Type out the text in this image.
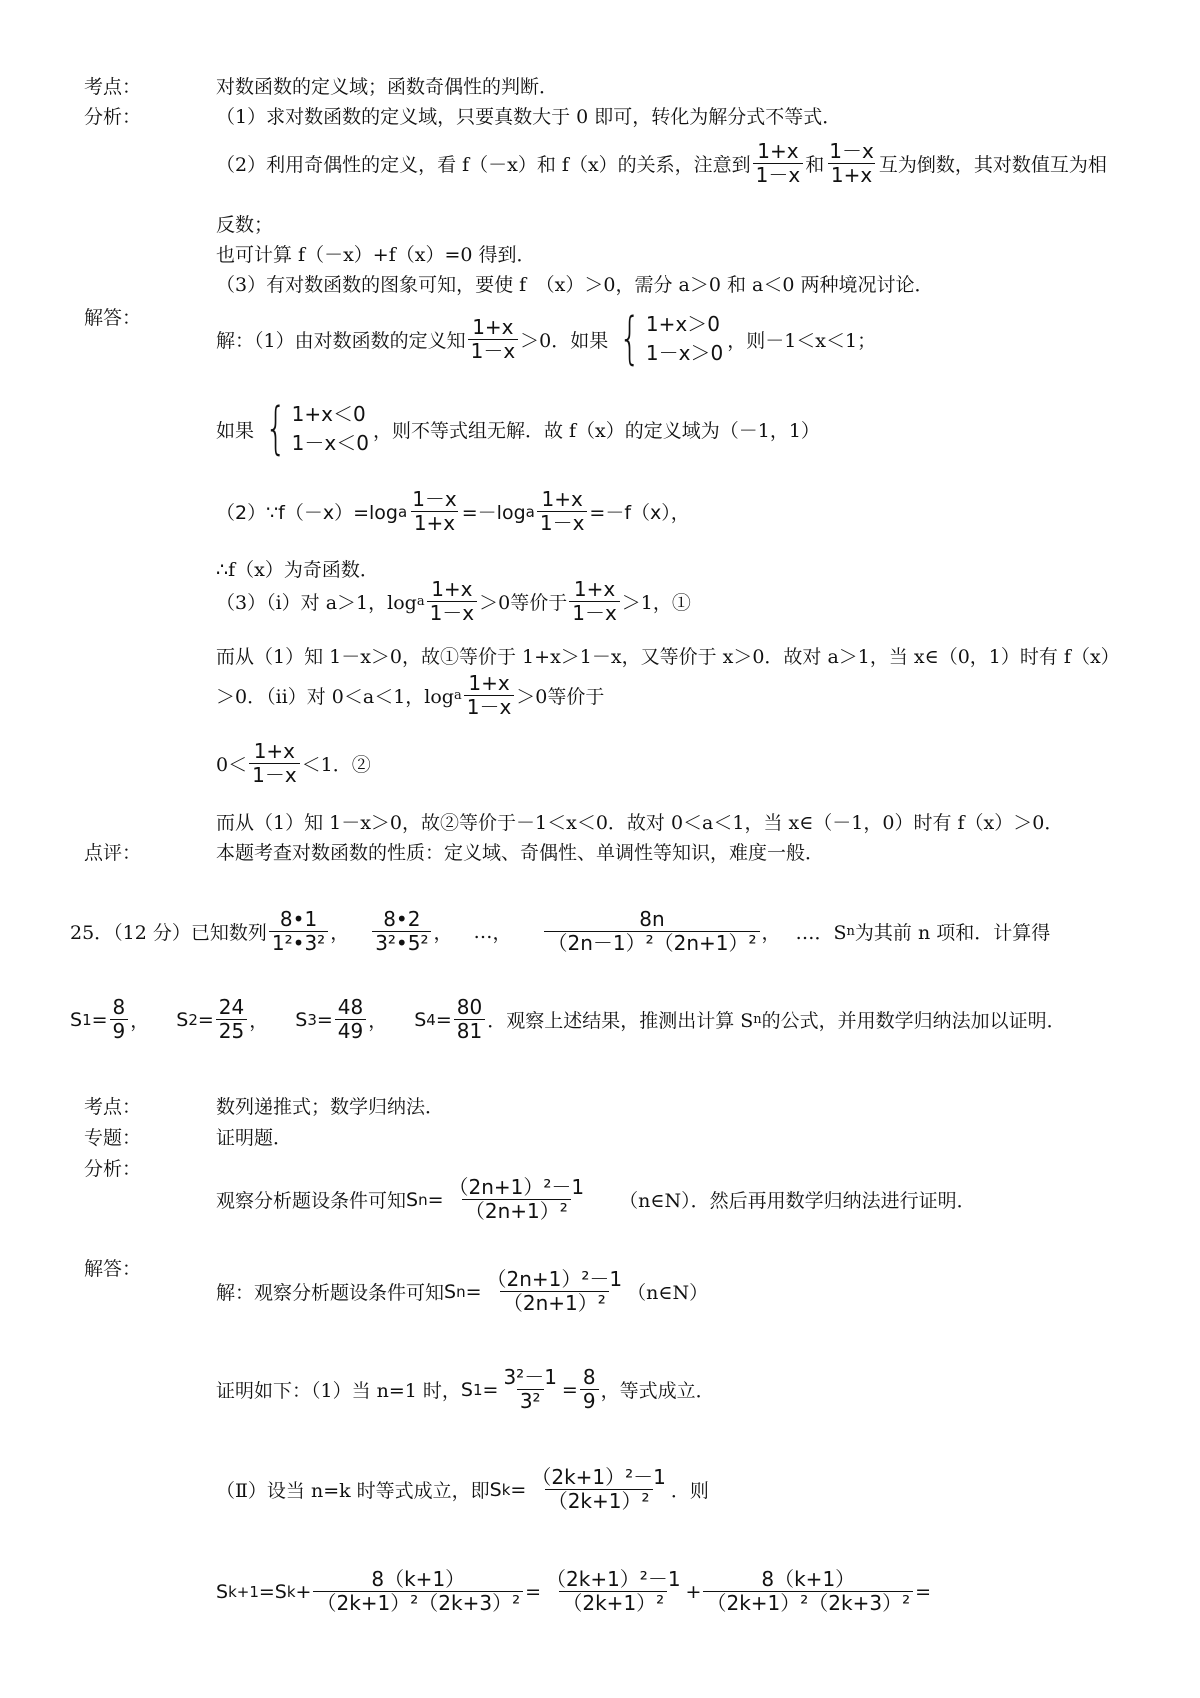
考点：	对数函数的定义域；函数奇偶性的判断．
分析：	（1）求对数函数的定义域，只要真数大于 0 即可，转化为解分式不等式．
（2）利用奇偶性的定义，看 f（－x）和 f（x）的关系，注意到 $\frac{1+x}{1-x}$ 和 $\frac{1-x}{1+x}$ 互为倒数，其对数值互为相
反数；
也可计算 f（－x）+f（x）=0 得到．
（3）有对数函数的图象可知，要使 f　（x）＞0，需分 a＞0 和 a＜0 两种境况讨论．
解答：
解：（1）由对数函数的定义知 $\frac{1+x}{1-x} >0$．如果 { 1+x＞0
1－x＞0
，则－1＜x＜1；
如果 { 1+x＜0
1－x＜0
，则不等式组无解．故 f（x）的定义域为（－1，1）
（2）∵f（－x）=log a $\frac{1-x}{1+x} =-\log$ a $\frac{1+x}{1-x} =-f(x)$，
∴f（x）为奇函数．
（3）（ⅰ）对 a＞1，log a $\frac{1+x}{1-x} >0$等价于 $\frac{1+x}{1-x} >1$，①
而从（1）知 1－x＞0，故①等价于 1+x＞1－x，又等价于 x＞0．故对 a＞1，当 x∈（0，1）时有 f（x）
＞0．（ⅱ）对 0＜a＜1，log a $\frac{1+x}{1-x} >0$等价于
$0< \frac{1+x}{1-x} <1$．②
而从（1）知 1－x＞0，故②等价于－1＜x＜0．故对 0＜a＜1，当 x∈（－1，0）时有 f（x）＞0．
点评：	本题考查对数函数的性质：定义域、奇偶性、单调性等知识，难度一般．
25．（12 分）已知数列 $\frac{8•1}{\text{1²•3²}}$ ，	$\frac{8•2}{\text{3²•5²}}$ ，	… ，	$\frac{8n}{\text{（2n－1）²（2n+1）²}}$ ， …．S n 为其前 n 项和．计算得
S $1 = \frac{8}{9}$ ，	S $2 = \frac{24}{25}$ ，	S $3 = \frac{48}{49}$ ，	S $4 = \frac{80}{81}$ ． 观察上述结果，推测出计算 S n 的公式，并用数学归纳法加以证明．
考点：	数列递推式；数学归纳法．
专题：	证明题．
分析：
观察分析题设条件可知 S $n = \frac{\text{（2n+1）²－1}}{\text{（2n+1）²}}$ （n∈N）．然后再用数学归纳法进行证明．
解答：
解：观察分析题设条件可知 S $n = \frac{\text{（2n+1）²－1}}{\text{（2n+1）²}}$ （n∈N）
证明如下：（1）当 n=1 时， S $1 = \frac{\text{3²－1}}{\text{3²}} = \frac{8}{9}$ ，等式成立．
（Ⅱ）设当 n=k 时等式成立，即 S $k = \frac{\text{（2k+1）²－1}}{\text{（2k+1）²}}$ ．则
S k+1 = S $k + \frac{8(k+1)}{\text{（2k+1）²（2k+3）²}} = \frac{\text{（2k+1）²－1}}{\text{（2k+1）²}} + \frac{8(k+1)}{\text{（2k+1）²（2k+3）²}}$ =
